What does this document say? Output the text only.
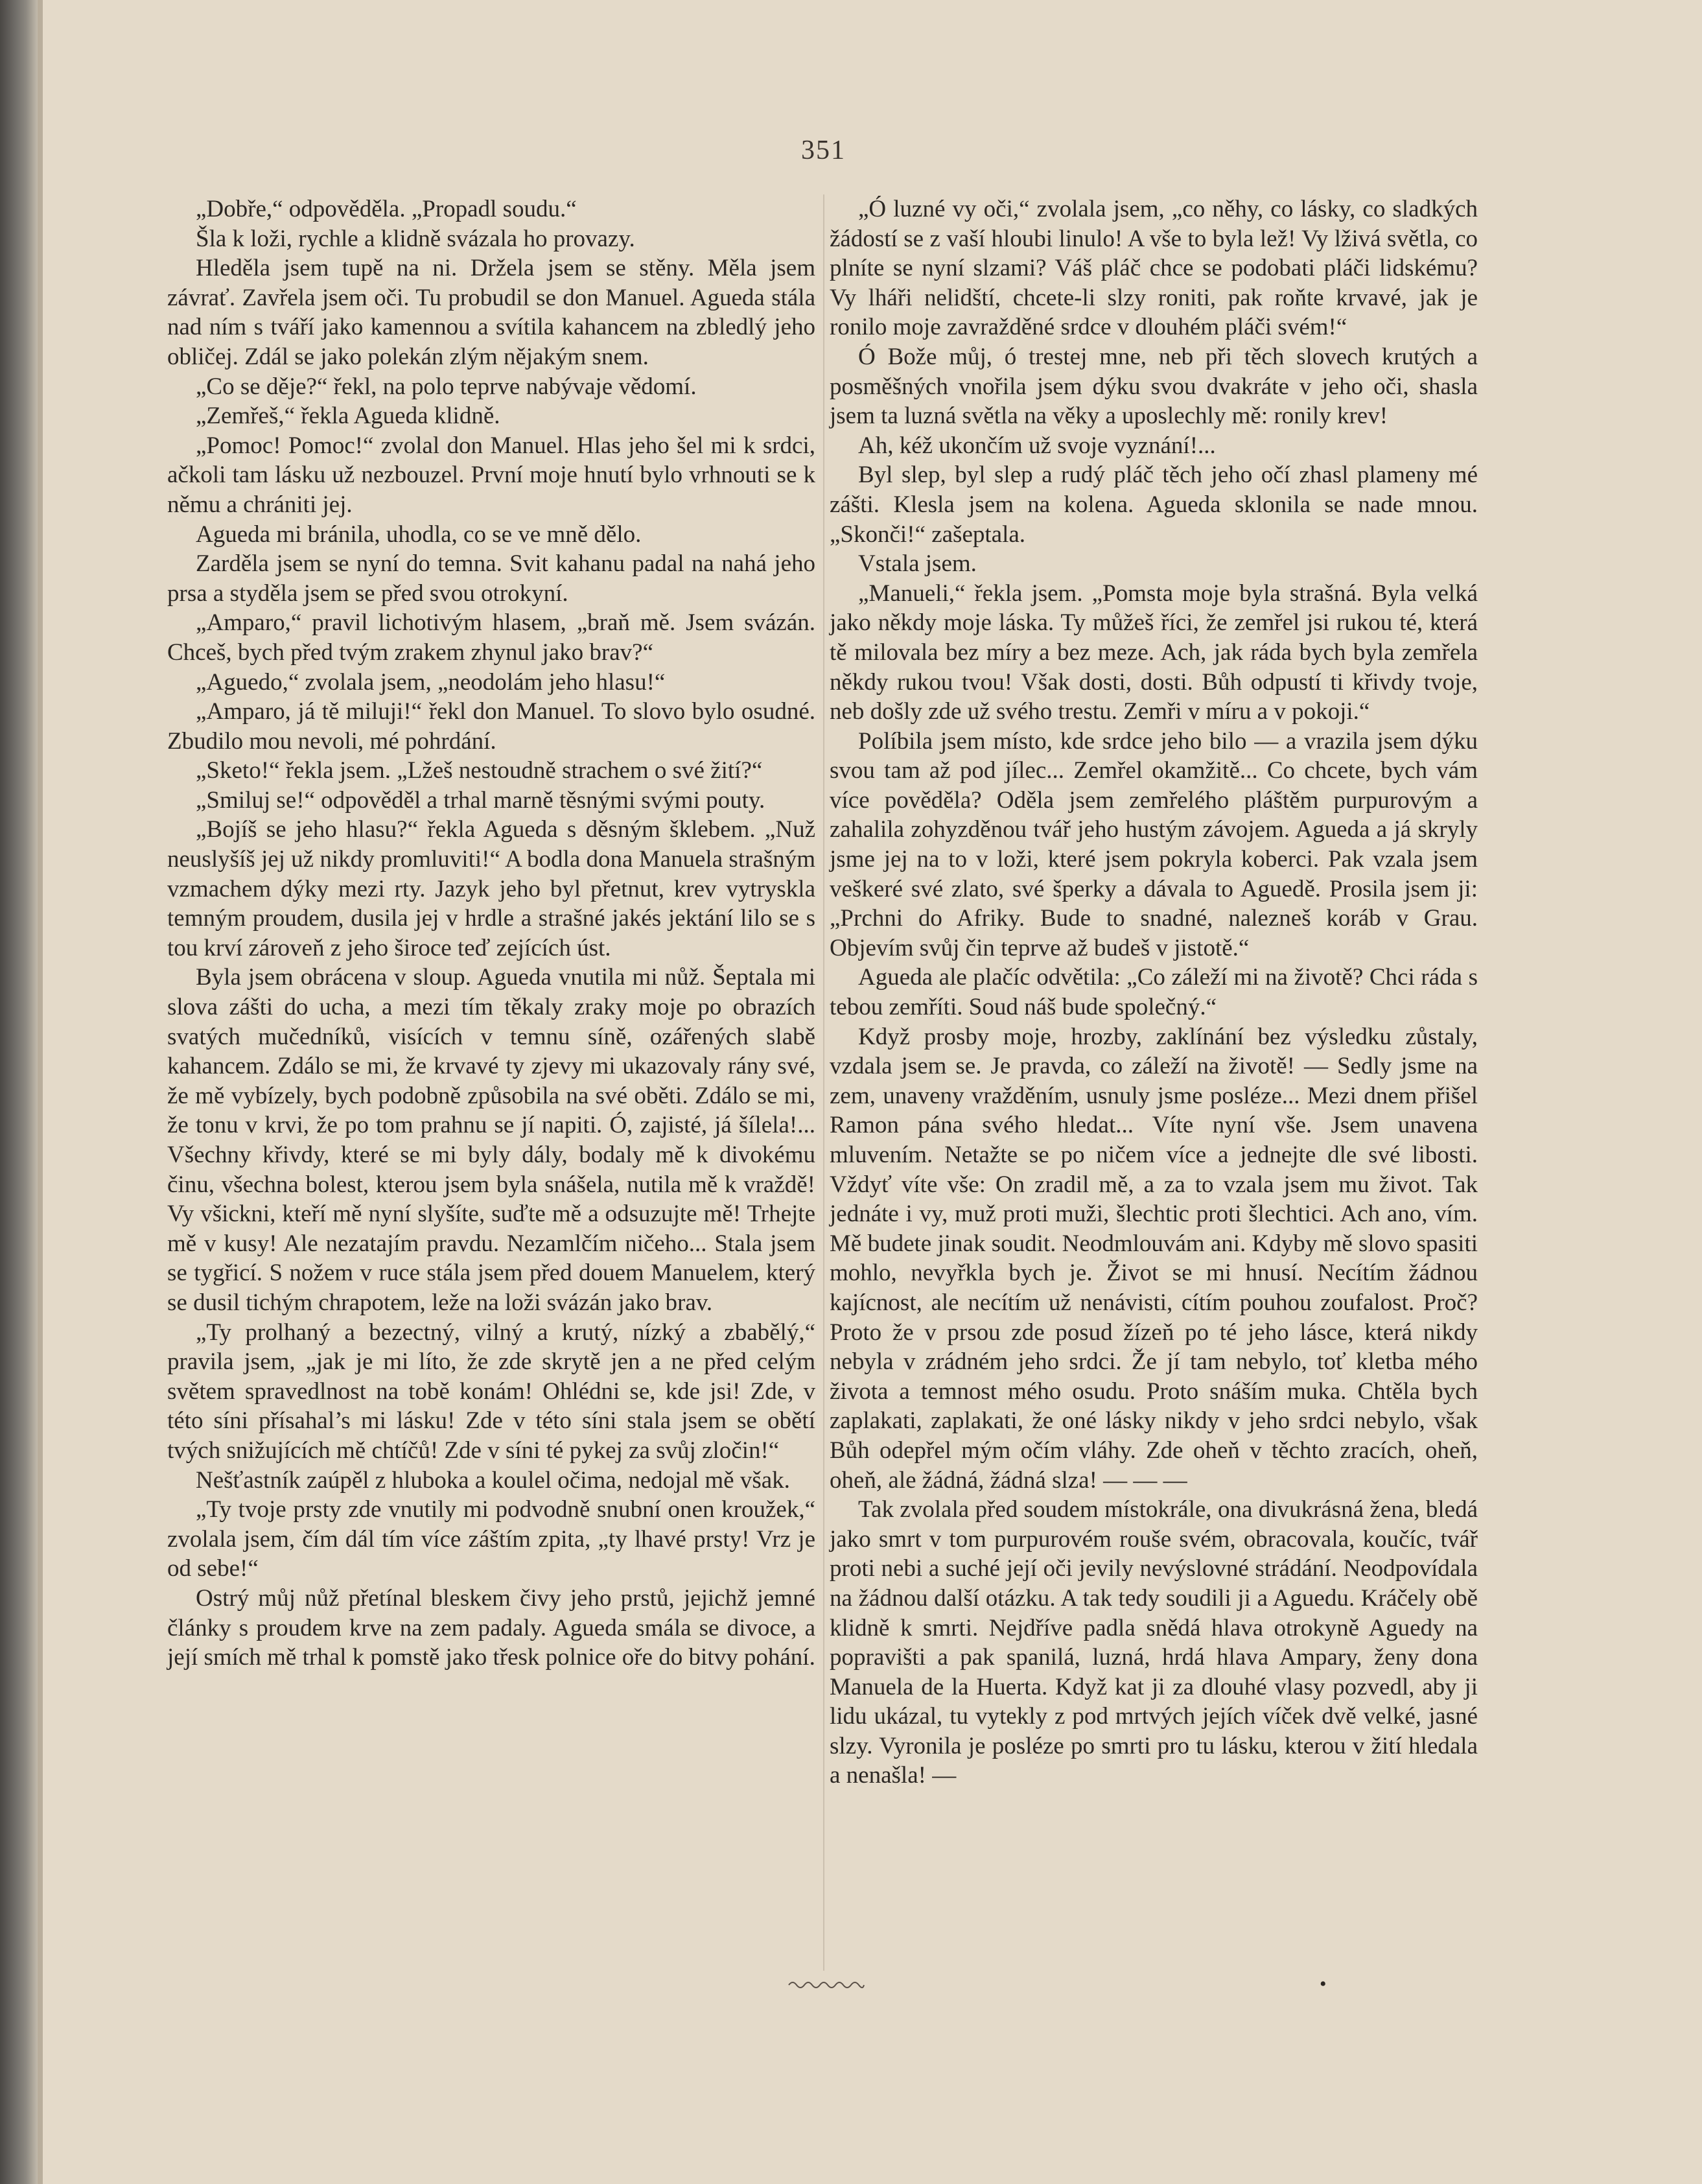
351

„Dobře,“ odpověděla. „Propadl soudu.“

Šla k loži, rychle a klidně svázala ho provazy.

Hleděla jsem tupě na ni. Držela jsem se stěny. Měla jsem závrať. Zavřela jsem oči. Tu probudil se don Manuel. Agueda stála nad ním s tváří jako kamennou a svítila kahancem na zbledlý jeho obličej. Zdál se jako polekán zlým nějakým snem.

„Co se děje?“ řekl, na polo teprve nabývaje vědomí.

„Zemřeš,“ řekla Agueda klidně.

„Pomoc! Pomoc!“ zvolal don Manuel. Hlas jeho šel mi k srdci, ačkoli tam lásku už nezbouzel. První moje hnutí bylo vrhnouti se k němu a chrániti jej.

Agueda mi bránila, uhodla, co se ve mně dělo.

Zarděla jsem se nyní do temna. Svit kahanu padal na nahá jeho prsa a styděla jsem se před svou otrokyní.

„Amparo,“ pravil lichotivým hlasem, „braň mě. Jsem svázán. Chceš, bych před tvým zrakem zhynul jako brav?“

„Aguedo,“ zvolala jsem, „neodolám jeho hlasu!“

„Amparo, já tě miluji!“ řekl don Manuel. To slovo bylo osudné. Zbudilo mou nevoli, mé pohrdání.

„Sketo!“ řekla jsem. „Lžeš nestoudně strachem o své žití?“

„Smiluj se!“ odpověděl a trhal marně těsnými svými pouty.

„Bojíš se jeho hlasu?“ řekla Agueda s děsným šklebem. „Nuž neuslyšíš jej už nikdy promluviti!“ A bodla dona Manuela strašným vzmachem dýky mezi rty. Jazyk jeho byl přetnut, krev vytryskla temným proudem, dusila jej v hrdle a strašné jakés jektání lilo se s tou krví zároveň z jeho široce teď zejících úst.

Byla jsem obrácena v sloup. Agueda vnutila mi nůž. Šeptala mi slova zášti do ucha, a mezi tím těkaly zraky moje po obrazích svatých mučedníků, visících v temnu síně, ozářených slabě kahancem. Zdálo se mi, že krvavé ty zjevy mi ukazovaly rány své, že mě vybízely, bych podobně způsobila na své oběti. Zdálo se mi, že tonu v krvi, že po tom prahnu se jí napiti. Ó, zajisté, já šílela!... Všechny křivdy, které se mi byly dály, bodaly mě k divokému činu, všechna bolest, kterou jsem byla snášela, nutila mě k vraždě! Vy všickni, kteří mě nyní slyšíte, suďte mě a odsuzujte mě! Trhejte mě v kusy! Ale nezatajím pravdu. Nezamlčím ničeho... Stala jsem se tygřicí. S nožem v ruce stála jsem před douem Manuelem, který se dusil tichým chrapotem, leže na loži svázán jako brav.

„Ty prolhaný a bezectný, vilný a krutý, nízký a zbabělý,“ pravila jsem, „jak je mi líto, že zde skrytě jen a ne před celým světem spravedlnost na tobě konám! Ohlédni se, kde jsi! Zde, v této síni přísahal’s mi lásku! Zde v této síni stala jsem se obětí tvých snižujících mě chtíčů! Zde v síni té pykej za svůj zločin!“

Nešťastník zaúpěl z hluboka a koulel očima, nedojal mě však.

„Ty tvoje prsty zde vnutily mi podvodně snubní onen kroužek,“ zvolala jsem, čím dál tím více záštím zpita, „ty lhavé prsty! Vrz je od sebe!“

Ostrý můj nůž přetínal bleskem čivy jeho prstů, jejichž jemné články s proudem krve na zem padaly. Agueda smála se divoce, a její smích mě trhal k pomstě jako třesk polnice oře do bitvy pohání.

„Ó luzné vy oči,“ zvolala jsem, „co něhy, co lásky, co sladkých žádostí se z vaší hloubi linulo! A vše to byla lež! Vy lživá světla, co plníte se nyní slzami? Váš pláč chce se podobati pláči lidskému? Vy lháři nelidští, chcete-li slzy roniti, pak roňte krvavé, jak je ronilo moje zavražděné srdce v dlouhém pláči svém!“

Ó Bože můj, ó trestej mne, neb při těch slovech krutých a posměšných vnořila jsem dýku svou dvakráte v jeho oči, shasla jsem ta luzná světla na věky a uposlechly mě: ronily krev!

Ah, kéž ukončím už svoje vyznání!...

Byl slep, byl slep a rudý pláč těch jeho očí zhasl plameny mé zášti. Klesla jsem na kolena. Agueda sklonila se nade mnou. „Skonči!“ zašeptala.

Vstala jsem.

„Manueli,“ řekla jsem. „Pomsta moje byla strašná. Byla velká jako někdy moje láska. Ty můžeš říci, že zemřel jsi rukou té, která tě milovala bez míry a bez meze. Ach, jak ráda bych byla zemřela někdy rukou tvou! Však dosti, dosti. Bůh odpustí ti křivdy tvoje, neb došly zde už svého trestu. Zemři v míru a v pokoji.“

Políbila jsem místo, kde srdce jeho bilo — a vrazila jsem dýku svou tam až pod jílec... Zemřel okamžitě... Co chcete, bych vám více pověděla? Oděla jsem zemřelého pláštěm purpurovým a zahalila zohyzděnou tvář jeho hustým závojem. Agueda a já skryly jsme jej na to v loži, které jsem pokryla koberci. Pak vzala jsem veškeré své zlato, své šperky a dávala to Aguedě. Prosila jsem ji: „Prchni do Afriky. Bude to snadné, nalezneš koráb v Grau. Objevím svůj čin teprve až budeš v jistotě.“

Agueda ale plačíc odvětila: „Co záleží mi na životě? Chci ráda s tebou zemříti. Soud náš bude společný.“

Když prosby moje, hrozby, zaklínání bez výsledku zůstaly, vzdala jsem se. Je pravda, co záleží na životě! — Sedly jsme na zem, unaveny vražděním, usnuly jsme posléze... Mezi dnem přišel Ramon pána svého hledat... Víte nyní vše. Jsem unavena mluvením. Netažte se po ničem více a jednejte dle své libosti. Vždyť víte vše: On zradil mě, a za to vzala jsem mu život. Tak jednáte i vy, muž proti muži, šlechtic proti šlechtici. Ach ano, vím. Mě budete jinak soudit. Neodmlouvám ani. Kdyby mě slovo spasiti mohlo, nevyřkla bych je. Život se mi hnusí. Necítím žádnou kajícnost, ale necítím už nenávisti, cítím pouhou zoufalost. Proč? Proto že v prsou zde posud žízeň po té jeho lásce, která nikdy nebyla v zrádném jeho srdci. Že jí tam nebylo, toť kletba mého života a temnost mého osudu. Proto snáším muka. Chtěla bych zaplakati, zaplakati, že oné lásky nikdy v jeho srdci nebylo, však Bůh odepřel mým očím vláhy. Zde oheň v těchto zracích, oheň, oheň, ale žádná, žádná slza! — — —

Tak zvolala před soudem místokrále, ona divukrásná žena, bledá jako smrt v tom purpurovém rouše svém, obracovala, koučíc, tvář proti nebi a suché její oči jevily nevýslovné strádání. Neodpovídala na žádnou další otázku. A tak tedy soudili ji a Aguedu. Kráčely obě klidně k smrti. Nejdříve padla snědá hlava otrokyně Aguedy na popravišti a pak spanilá, luzná, hrdá hlava Ampary, ženy dona Manuela de la Huerta. Když kat ji za dlouhé vlasy pozvedl, aby ji lidu ukázal, tu vytekly z pod mrtvých jejích víček dvě velké, jasné slzy. Vyronila je posléze po smrti pro tu lásku, kterou v žití hledala a nenašla! —

•
